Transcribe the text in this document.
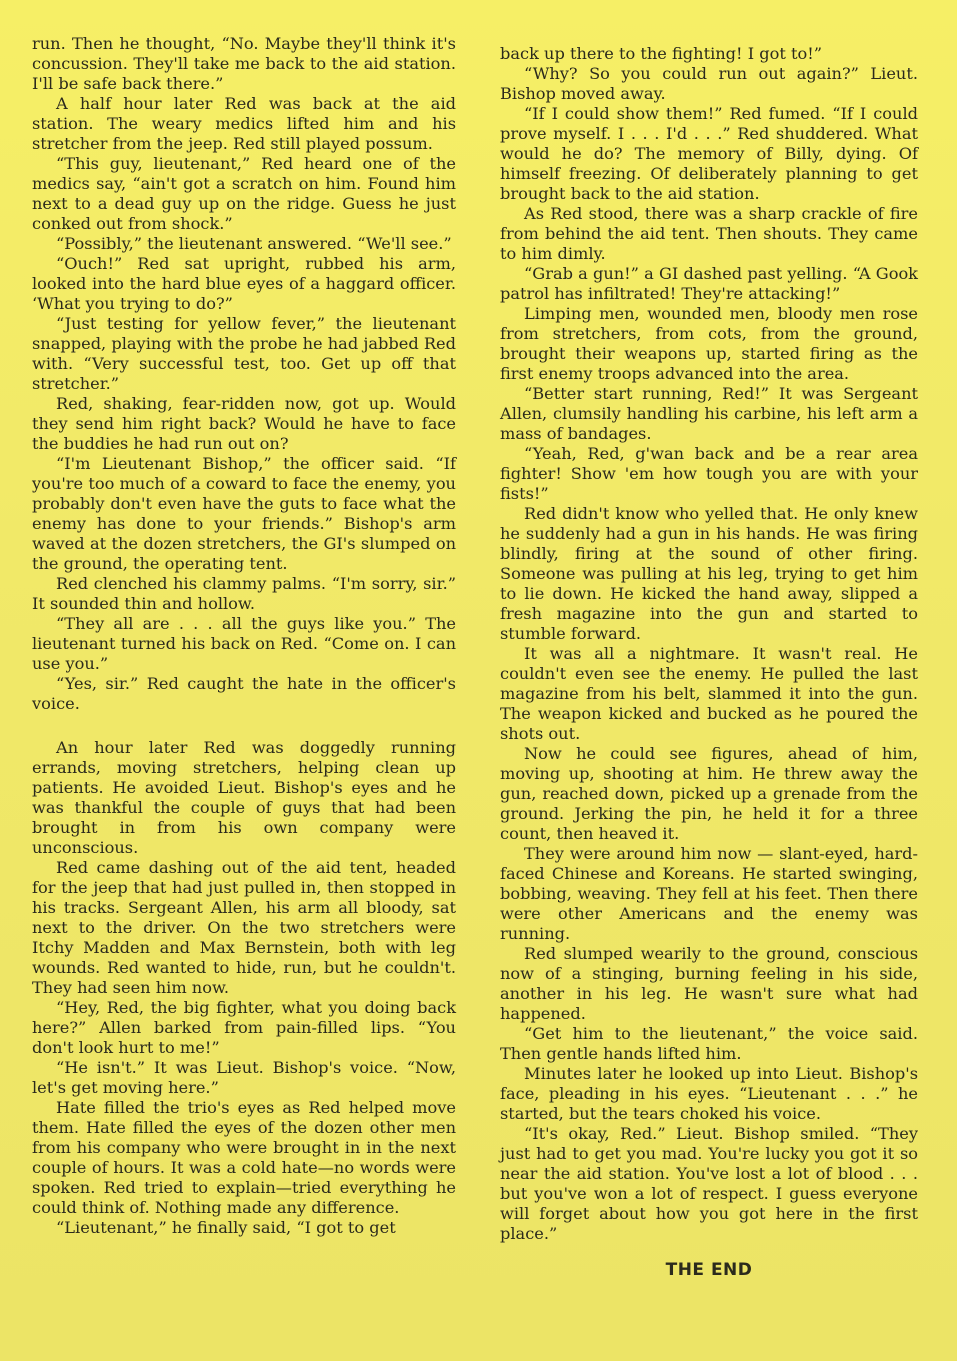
run. Then he thought, “No. Maybe they'll think it's concussion. They'll take me back to the aid station. I'll be safe back there.”

A half hour later Red was back at the aid station. The weary medics lifted him and his stretcher from the jeep. Red still played possum.

“This guy, lieutenant,” Red heard one of the medics say, “ain't got a scratch on him. Found him next to a dead guy up on the ridge. Guess he just conked out from shock.”

“Possibly,” the lieutenant answered. “We'll see.”

“Ouch!” Red sat upright, rubbed his arm, looked into the hard blue eyes of a haggard officer. ‘What you trying to do?”

“Just testing for yellow fever,” the lieutenant snapped, playing with the probe he had jabbed Red with. “Very successful test, too. Get up off that stretcher.”

Red, shaking, fear-ridden now, got up. Would they send him right back? Would he have to face the buddies he had run out on?

“I'm Lieutenant Bishop,” the officer said. “If you're too much of a coward to face the enemy, you probably don't even have the guts to face what the enemy has done to your friends.” Bishop's arm waved at the dozen stretchers, the GI's slumped on the ground, the operating tent.

Red clenched his clammy palms. “I'm sorry, sir.” It sounded thin and hollow.

“They all are . . . all the guys like you.” The lieutenant turned his back on Red. “Come on. I can use you.”

“Yes, sir.” Red caught the hate in the officer's voice.

An hour later Red was doggedly running errands, moving stretchers, helping clean up patients. He avoided Lieut. Bishop's eyes and he was thankful the couple of guys that had been brought in from his own company were unconscious.

Red came dashing out of the aid tent, headed for the jeep that had just pulled in, then stopped in his tracks. Sergeant Allen, his arm all bloody, sat next to the driver. On the two stretchers were Itchy Madden and Max Bernstein, both with leg wounds. Red wanted to hide, run, but he couldn't. They had seen him now.

“Hey, Red, the big fighter, what you doing back here?” Allen barked from pain-filled lips. “You don't look hurt to me!”

“He isn't.” It was Lieut. Bishop's voice. “Now, let's get moving here.”

Hate filled the trio's eyes as Red helped move them. Hate filled the eyes of the dozen other men from his company who were brought in in the next couple of hours. It was a cold hate—no words were spoken. Red tried to explain—tried everything he could think of. Nothing made any difference.

“Lieutenant,” he finally said, “I got to get

back up there to the fighting! I got to!”

“Why? So you could run out again?” Lieut. Bishop moved away.

“If I could show them!” Red fumed. “If I could prove myself. I . . . I'd . . .” Red shuddered. What would he do? The memory of Billy, dying. Of himself freezing. Of deliberately planning to get brought back to the aid station.

As Red stood, there was a sharp crackle of fire from behind the aid tent. Then shouts. They came to him dimly.

“Grab a gun!” a GI dashed past yelling. “A Gook patrol has infiltrated! They're attacking!”

Limping men, wounded men, bloody men rose from stretchers, from cots, from the ground, brought their weapons up, started firing as the first enemy troops advanced into the area.

“Better start running, Red!” It was Sergeant Allen, clumsily handling his carbine, his left arm a mass of bandages.

“Yeah, Red, g'wan back and be a rear area fighter! Show 'em how tough you are with your fists!”

Red didn't know who yelled that. He only knew he suddenly had a gun in his hands. He was firing blindly, firing at the sound of other firing. Someone was pulling at his leg, trying to get him to lie down. He kicked the hand away, slipped a fresh magazine into the gun and started to stumble forward.

It was all a nightmare. It wasn't real. He couldn't even see the enemy. He pulled the last magazine from his belt, slammed it into the gun. The weapon kicked and bucked as he poured the shots out.

Now he could see figures, ahead of him, moving up, shooting at him. He threw away the gun, reached down, picked up a grenade from the ground. Jerking the pin, he held it for a three count, then heaved it.

They were around him now — slant-eyed, hard-faced Chinese and Koreans. He started swinging, bobbing, weaving. They fell at his feet. Then there were other Americans and the enemy was running.

Red slumped wearily to the ground, conscious now of a stinging, burning feeling in his side, another in his leg. He wasn't sure what had happened.

“Get him to the lieutenant,” the voice said. Then gentle hands lifted him.

Minutes later he looked up into Lieut. Bishop's face, pleading in his eyes. “Lieutenant . . .” he started, but the tears choked his voice.

“It's okay, Red.” Lieut. Bishop smiled. “They just had to get you mad. You're lucky you got it so near the aid station. You've lost a lot of blood . . . but you've won a lot of respect. I guess everyone will forget about how you got here in the first place.”

THE END
